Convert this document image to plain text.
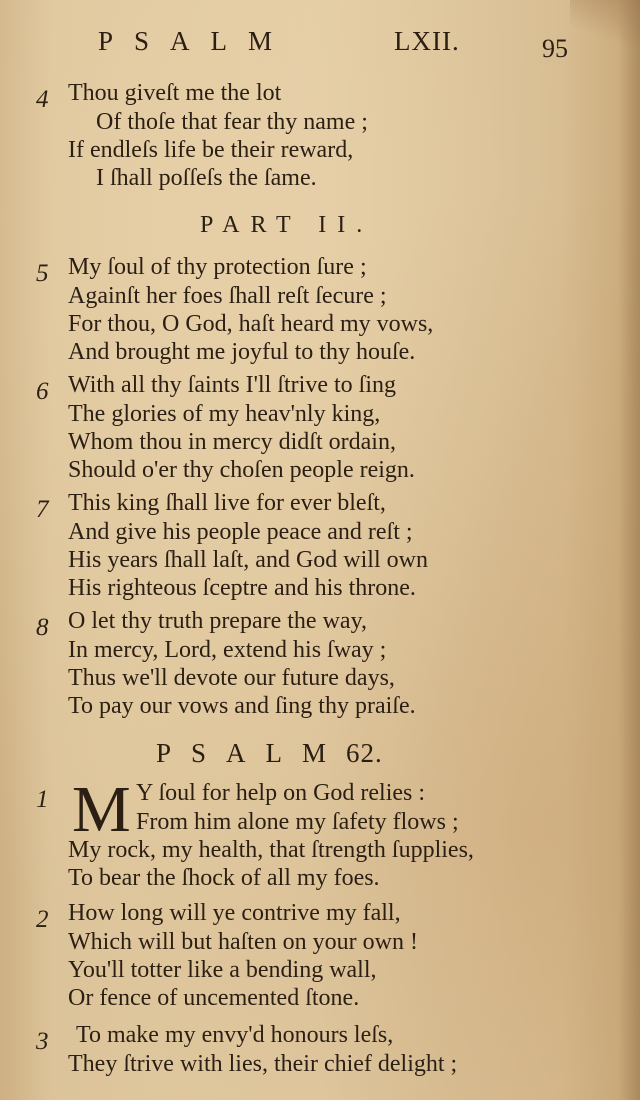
PSALM	LXII.	95
4 Thou giveſt me the lot
Of thoſe that fear thy name ;
If endleſs life be their reward,
I ſhall poſſeſs the ſame.
PART II.
5 My ſoul of thy protection ſure ;
Againſt her foes ſhall reſt ſecure ;
For thou, O God, haſt heard my vows,
And brought me joyful to thy houſe.
6 With all thy ſaints I'll ſtrive to ſing
The glories of my heav'nly king,
Whom thou in mercy didſt ordain,
Should o'er thy choſen people reign.
7 This king ſhall live for ever bleſt,
And give his people peace and reſt ;
His years ſhall laſt, and God will own
His righteous ſceptre and his throne.
8 O let thy truth prepare the way,
In mercy, Lord, extend his ſway ;
Thus we'll devote our future days,
To pay our vows and ſing thy praiſe.
PSALM62.
1 M Y ſoul for help on God relies :
From him alone my ſafety flows ;
My rock, my health, that ſtrength ſupplies,
To bear the ſhock of all my foes.
2 How long will ye contrive my fall,
Which will but haſten on your own !
You'll totter like a bending wall,
Or fence of uncemented ſtone.
3 To make my envy'd honours leſs,
They ſtrive with lies, their chief delight ;
